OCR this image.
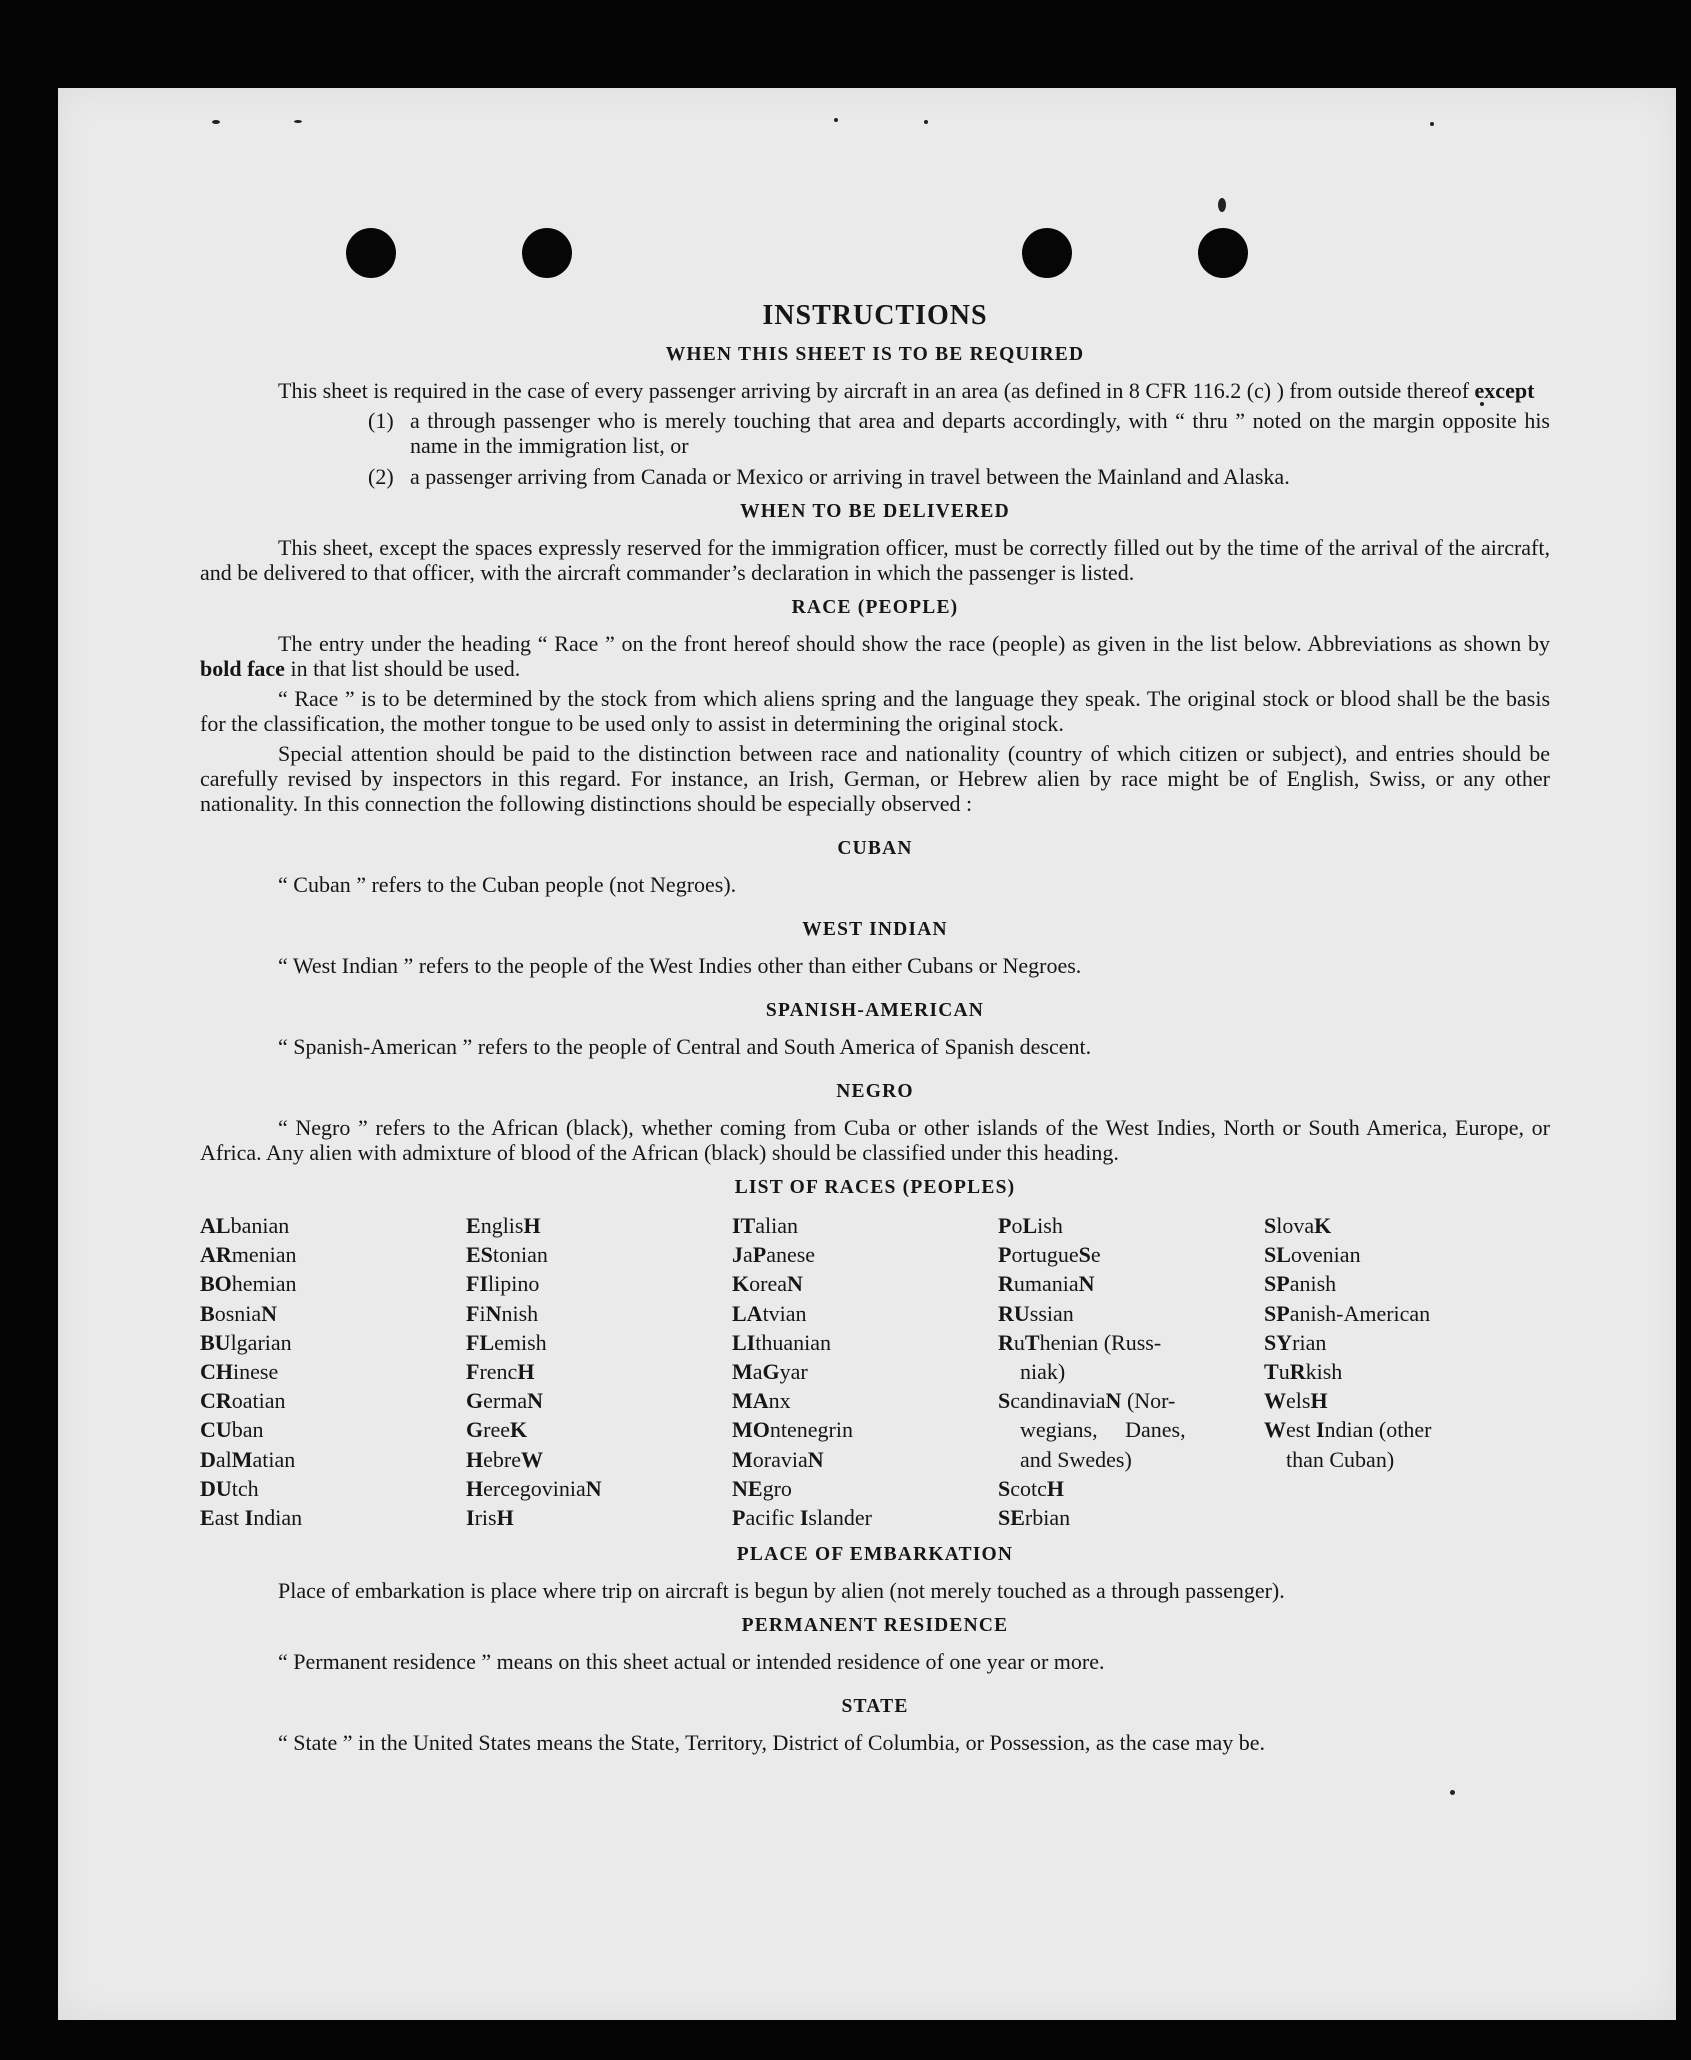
INSTRUCTIONS
WHEN THIS SHEET IS TO BE REQUIRED

This sheet is required in the case of every passenger arriving by aircraft in an area (as defined in 8 CFR 116.2 (c) ) from outside thereof except

(1) a through passenger who is merely touching that area and departs accordingly, with “ thru ” noted on the margin opposite his name in the immigration list, or
(2) a passenger arriving from Canada or Mexico or arriving in travel between the Mainland and Alaska.
WHEN TO BE DELIVERED

This sheet, except the spaces expressly reserved for the immigration officer, must be correctly filled out by the time of the arrival of the aircraft, and be delivered to that officer, with the aircraft commander’s declaration in which the passenger is listed.

RACE (PEOPLE)

The entry under the heading “ Race ” on the front hereof should show the race (people) as given in the list below. Abbreviations as shown by bold face in that list should be used.

“ Race ” is to be determined by the stock from which aliens spring and the language they speak. The original stock or blood shall be the basis for the classification, the mother tongue to be used only to assist in determining the original stock.

Special attention should be paid to the distinction between race and nationality (country of which citizen or subject), and entries should be carefully revised by inspectors in this regard. For instance, an Irish, German, or Hebrew alien by race might be of English, Swiss, or any other nationality. In this connection the following distinctions should be especially observed :

CUBAN

“ Cuban ” refers to the Cuban people (not Negroes).

WEST INDIAN

“ West Indian ” refers to the people of the West Indies other than either Cubans or Negroes.

SPANISH-AMERICAN

“ Spanish-American ” refers to the people of Central and South America of Spanish descent.

NEGRO

“ Negro ” refers to the African (black), whether coming from Cuba or other islands of the West Indies, North or South America, Europe, or Africa. Any alien with admixture of blood of the African (black) should be classified under this heading.

LIST OF RACES (PEOPLES)
ALbanian
ARmenian
BOhemian
BosniaN
BUlgarian
CHinese
CRoatian
CUban
DalMatian
DUtch
East Indian
EnglisH
EStonian
FIlipino
FiNnish
FLemish
FrencH
GermaN
GreeK
HebreW
HercegoviniaN
IrisH
ITalian
JaPanese
KoreaN
LAtvian
LIthuanian
MaGyar
MAnx
MOntenegrin
MoraviaN
NEgro
Pacific Islander
PoLish
PortugueSe
RumaniaN
RUssian
RuThenian (Russ-
niak)
ScandinaviaN (Nor-
wegians,     Danes,
and Swedes)
ScotcH
SErbian
SlovaK
SLovenian
SPanish
SPanish-American
SYrian
TuRkish
WelsH
West Indian (other
than Cuban)
PLACE OF EMBARKATION

Place of embarkation is place where trip on aircraft is begun by alien (not merely touched as a through passenger).

PERMANENT RESIDENCE

“ Permanent residence ” means on this sheet actual or intended residence of one year or more.

STATE

“ State ” in the United States means the State, Territory, District of Columbia, or Possession, as the case may be.
